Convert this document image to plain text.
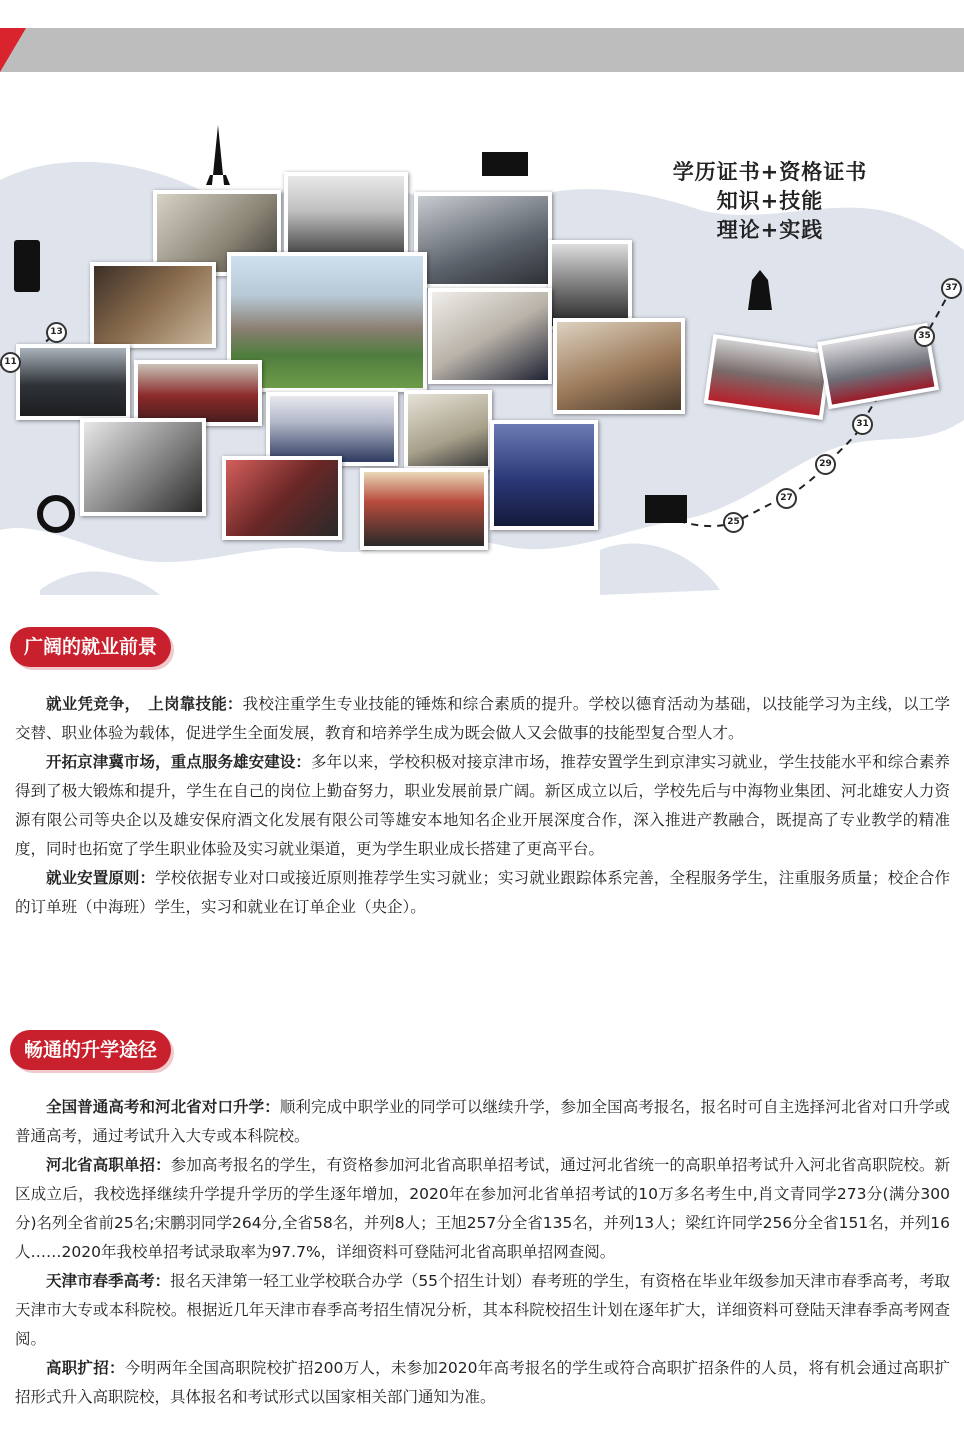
11
13
25
27
29
31
35
37
学历证书+资格证书
知识+技能
理论+实践
广阔的就业前景

就业凭竞争，　上岗靠技能：我校注重学生专业技能的锤炼和综合素质的提升。学校以德育活动为基础，以技能学习为主线，以工学交替、职业体验为载体，促进学生全面发展，教育和培养学生成为既会做人又会做事的技能型复合型人才。

开拓京津冀市场，重点服务雄安建设：多年以来，学校积极对接京津市场，推荐安置学生到京津实习就业，学生技能水平和综合素养得到了极大锻炼和提升，学生在自己的岗位上勤奋努力，职业发展前景广阔。新区成立以后，学校先后与中海物业集团、河北雄安人力资源有限公司等央企以及雄安保府酒文化发展有限公司等雄安本地知名企业开展深度合作，深入推进产教融合，既提高了专业教学的精准度，同时也拓宽了学生职业体验及实习就业渠道，更为学生职业成长搭建了更高平台。

就业安置原则：学校依据专业对口或接近原则推荐学生实习就业；实习就业跟踪体系完善，全程服务学生，注重服务质量；校企合作的订单班（中海班）学生，实习和就业在订单企业（央企）。

畅通的升学途径

全国普通高考和河北省对口升学：顺利完成中职学业的同学可以继续升学，参加全国高考报名，报名时可自主选择河北省对口升学或普通高考，通过考试升入大专或本科院校。

河北省高职单招：参加高考报名的学生，有资格参加河北省高职单招考试，通过河北省统一的高职单招考试升入河北省高职院校。新区成立后，我校选择继续升学提升学历的学生逐年增加，2020年在参加河北省单招考试的10万多名考生中,肖文青同学273分(满分300分)名列全省前25名;宋鹏羽同学264分,全省58名，并列8人；王旭257分全省135名，并列13人；梁红许同学256分全省151名，并列16人……2020年我校单招考试录取率为97.7%，详细资料可登陆河北省高职单招网查阅。

天津市春季高考：报名天津第一轻工业学校联合办学（55个招生计划）春考班的学生，有资格在毕业年级参加天津市春季高考，考取天津市大专或本科院校。根据近几年天津市春季高考招生情况分析，其本科院校招生计划在逐年扩大，详细资料可登陆天津春季高考网查阅。

高职扩招：今明两年全国高职院校扩招200万人，未参加2020年高考报名的学生或符合高职扩招条件的人员，将有机会通过高职扩招形式升入高职院校，具体报名和考试形式以国家相关部门通知为准。
